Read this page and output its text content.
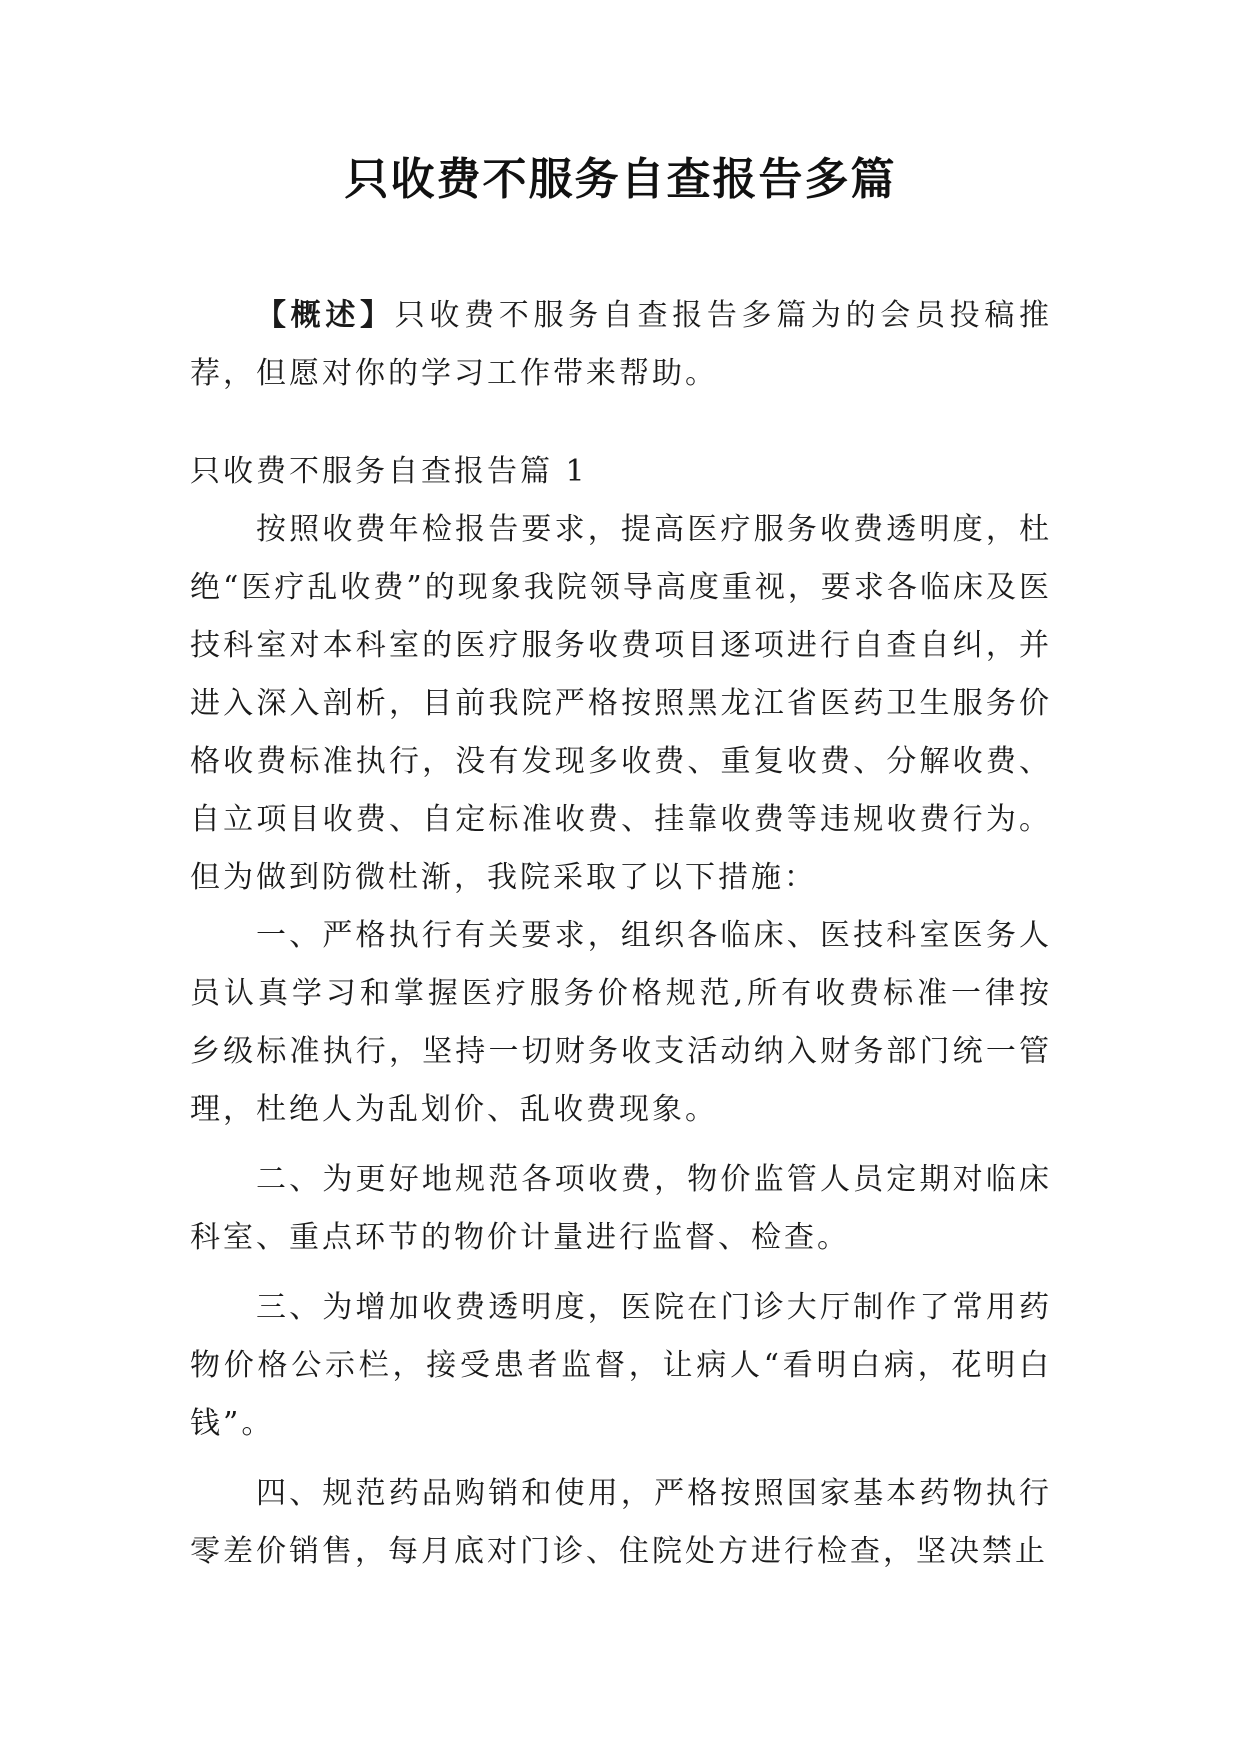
只收费不服务自查报告多篇

【概述】只收费不服务自查报告多篇为的会员投稿推荐，但愿对你的学习工作带来帮助。

只收费不服务自查报告篇 1

按照收费年检报告要求，提高医疗服务收费透明度，杜绝“医疗乱收费”的现象我院领导高度重视，要求各临床及医技科室对本科室的医疗服务收费项目逐项进行自查自纠，并进入深入剖析，目前我院严格按照黑龙江省医药卫生服务价格收费标准执行，没有发现多收费、重复收费、分解收费、自立项目收费、自定标准收费、挂靠收费等违规收费行为。但为做到防微杜渐，我院采取了以下措施：

一、严格执行有关要求，组织各临床、医技科室医务人员认真学习和掌握医疗服务价格规范,所有收费标准一律按乡级标准执行，坚持一切财务收支活动纳入财务部门统一管理，杜绝人为乱划价、乱收费现象。

二、为更好地规范各项收费，物价监管人员定期对临床科室、重点环节的物价计量进行监督、检查。

三、为增加收费透明度，医院在门诊大厅制作了常用药物价格公示栏，接受患者监督，让病人“看明白病，花明白钱”。

四、规范药品购销和使用，严格按照国家基本药物执行零差价销售，每月底对门诊、住院处方进行检查，坚决禁止
